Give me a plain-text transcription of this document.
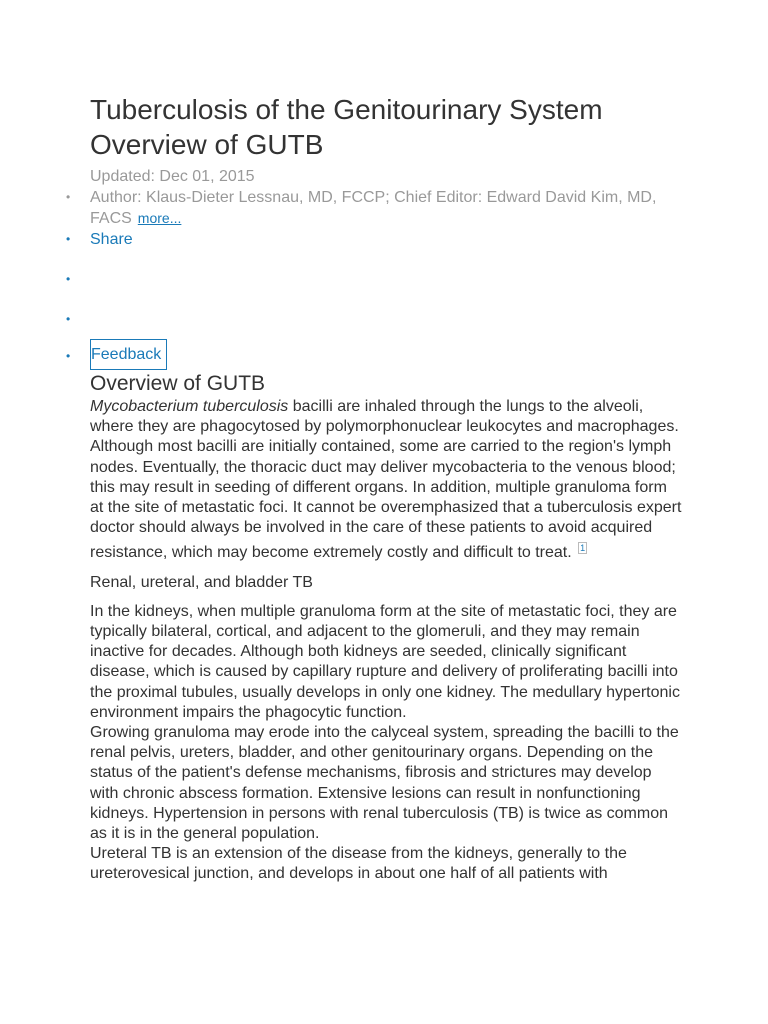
Tuberculosis of the Genitourinary System Overview of GUTB
Updated: Dec 01, 2015
• Author: Klaus-Dieter Lessnau, MD, FCCP; Chief Editor: Edward David Kim, MD, FACS more...
• Share
•
•
• Feedback
Overview of GUTB

Mycobacterium tuberculosis bacilli are inhaled through the lungs to the alveoli, where they are phagocytosed by polymorphonuclear leukocytes and macrophages. Although most bacilli are initially contained, some are carried to the region's lymph nodes. Eventually, the thoracic duct may deliver mycobacteria to the venous blood; this may result in seeding of different organs. In addition, multiple granuloma form at the site of metastatic foci. It cannot be overemphasized that a tuberculosis expert doctor should always be involved in the care of these patients to avoid acquired resistance, which may become extremely costly and difficult to treat. $^1$

Renal, ureteral, and bladder TB

In the kidneys, when multiple granuloma form at the site of metastatic foci, they are typically bilateral, cortical, and adjacent to the glomeruli, and they may remain inactive for decades. Although both kidneys are seeded, clinically significant disease, which is caused by capillary rupture and delivery of proliferating bacilli into the proximal tubules, usually develops in only one kidney. The medullary hypertonic environment impairs the phagocytic function.

Growing granuloma may erode into the calyceal system, spreading the bacilli to the renal pelvis, ureters, bladder, and other genitourinary organs. Depending on the status of the patient's defense mechanisms, fibrosis and strictures may develop with chronic abscess formation. Extensive lesions can result in nonfunctioning kidneys. Hypertension in persons with renal tuberculosis (TB) is twice as common as it is in the general population.

Ureteral TB is an extension of the disease from the kidneys, generally to the ureterovesical junction, and develops in about one half of all patients with
